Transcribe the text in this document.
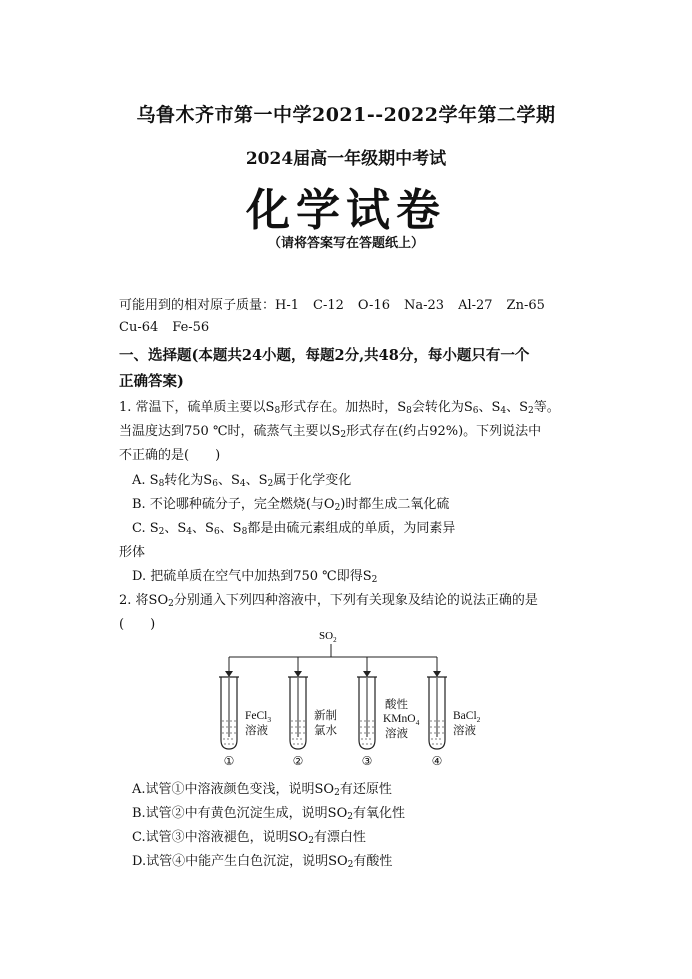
乌鲁木齐市第一中学2021--2022学年第二学期
2024届高一年级期中考试
化学试卷
（请将答案写在答题纸上）
可能用到的相对原子质量：H-1 C-12 O-16 Na-23 Al-27 Zn-65
Cu-64 Fe-56
一、选择题(本题共24小题，每题2分,共48分，每小题只有一个
正确答案)
1. 常温下，硫单质主要以$S_8$形式存在。加热时，$S_8$会转化为$S_6$、$S_4$、$S_2$等。
当温度达到750 ℃时，硫蒸气主要以$S_2$形式存在(约占92%)。下列说法中
不正确的是(　　)
A. $S_8$转化为$S_6$、$S_4$、$S_2$属于化学变化
B. 不论哪种硫分子，完全燃烧(与$O_2$)时都生成二氧化硫
C. $S_2$、$S_4$、$S_6$、$S_8$都是由硫元素组成的单质，为同素异
形体
D. 把硫单质在空气中加热到750 ℃即得$S_2$
2. 将$SO_2$分别通入下列四种溶液中，下列有关现象及结论的说法正确的是
(　　)
$SO_2$
FeCl$_3$
溶液
新制
氯水
酸性
KMnO$_4$
溶液
BaCl$_2$
溶液
①	②	③	④
A.试管①中溶液颜色变浅，说明$SO_2$有还原性
B.试管②中有黄色沉淀生成，说明$SO_2$有氧化性
C.试管③中溶液褪色，说明$SO_2$有漂白性
D.试管④中能产生白色沉淀，说明$SO_2$有酸性
